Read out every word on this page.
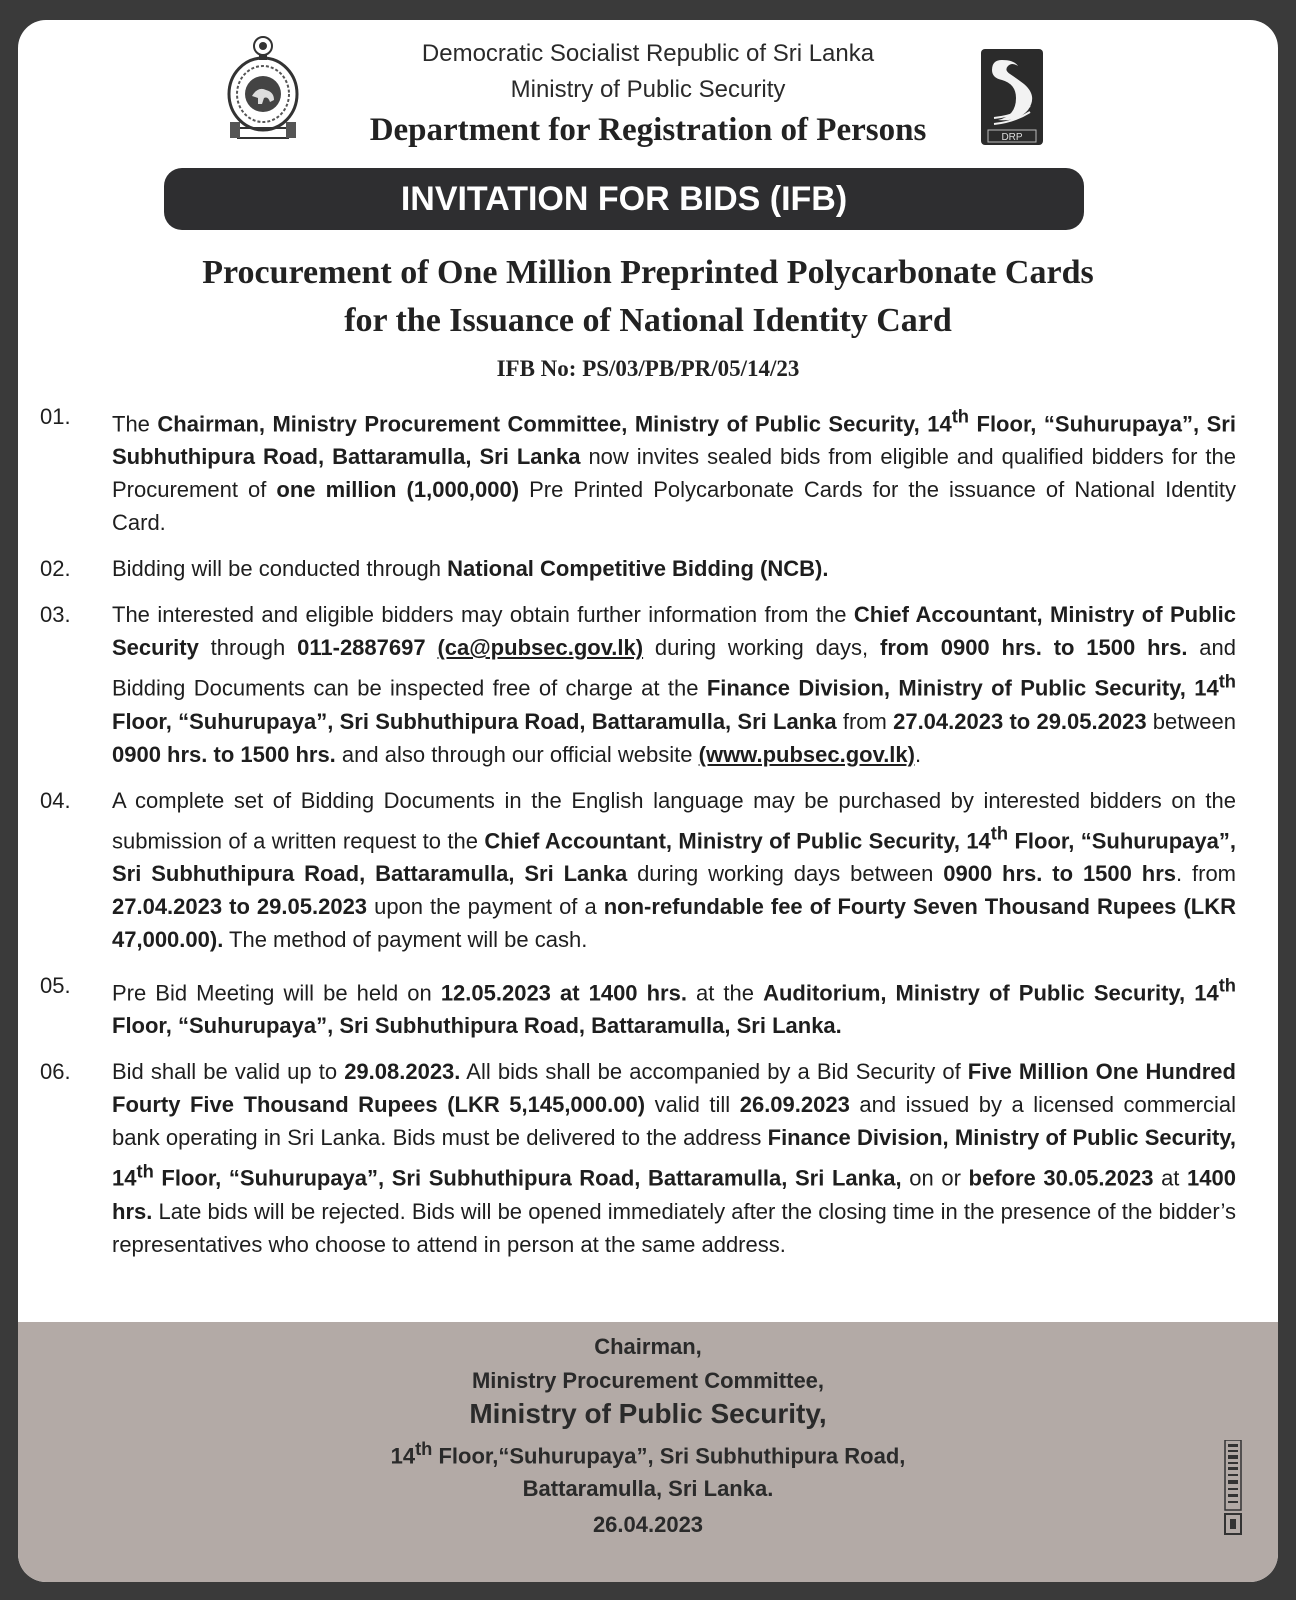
Democratic Socialist Republic of Sri Lanka
Ministry of Public Security
Department for Registration of Persons	DRP
INVITATION FOR BIDS (IFB)
Procurement of One Million Preprinted Polycarbonate Cards
for the Issuance of National Identity Card
IFB No: PS/03/PB/PR/05/14/23
01.	The Chairman, Ministry Procurement Committee, Ministry of Public Security, 14th Floor, “Suhurupaya”, Sri Subhuthipura Road, Battaramulla, Sri Lanka now invites sealed bids from eligible and qualified bidders for the Procurement of one million (1,000,000) Pre Printed Polycarbonate Cards for the issuance of National Identity Card.
02.	Bidding will be conducted through National Competitive Bidding (NCB).
03.	The interested and eligible bidders may obtain further information from the Chief Accountant, Ministry of Public Security through 011-2887697 (ca@pubsec.gov.lk) during working days, from 0900 hrs. to 1500 hrs. and Bidding Documents can be inspected free of charge at the Finance Division, Ministry of Public Security, 14th Floor, “Suhurupaya”, Sri Subhuthipura Road, Battaramulla, Sri Lanka from 27.04.2023 to 29.05.2023 between 0900 hrs. to 1500 hrs. and also through our official website (www.pubsec.gov.lk).
04.	A complete set of Bidding Documents in the English language may be purchased by interested bidders on the submission of a written request to the Chief Accountant, Ministry of Public Security, 14th Floor, “Suhurupaya”, Sri Subhuthipura Road, Battaramulla, Sri Lanka during working days between 0900 hrs. to 1500 hrs. from 27.04.2023 to 29.05.2023 upon the payment of a non-refundable fee of Fourty Seven Thousand Rupees (LKR 47,000.00). The method of payment will be cash.
05.	Pre Bid Meeting will be held on 12.05.2023 at 1400 hrs. at the Auditorium, Ministry of Public Security, 14th Floor, “Suhurupaya”, Sri Subhuthipura Road, Battaramulla, Sri Lanka.
06.	Bid shall be valid up to 29.08.2023. All bids shall be accompanied by a Bid Security of Five Million One Hundred Fourty Five Thousand Rupees (LKR 5,145,000.00) valid till 26.09.2023 and issued by a licensed commercial bank operating in Sri Lanka. Bids must be delivered to the address Finance Division, Ministry of Public Security, 14th Floor, “Suhurupaya”, Sri Subhuthipura Road, Battaramulla, Sri Lanka, on or before 30.05.2023 at 1400 hrs. Late bids will be rejected. Bids will be opened immediately after the closing time in the presence of the bidder’s representatives who choose to attend in person at the same address.
Chairman,
Ministry Procurement Committee,
Ministry of Public Security,
14th Floor,“Suhurupaya”, Sri Subhuthipura Road,
Battaramulla, Sri Lanka.
26.04.2023
